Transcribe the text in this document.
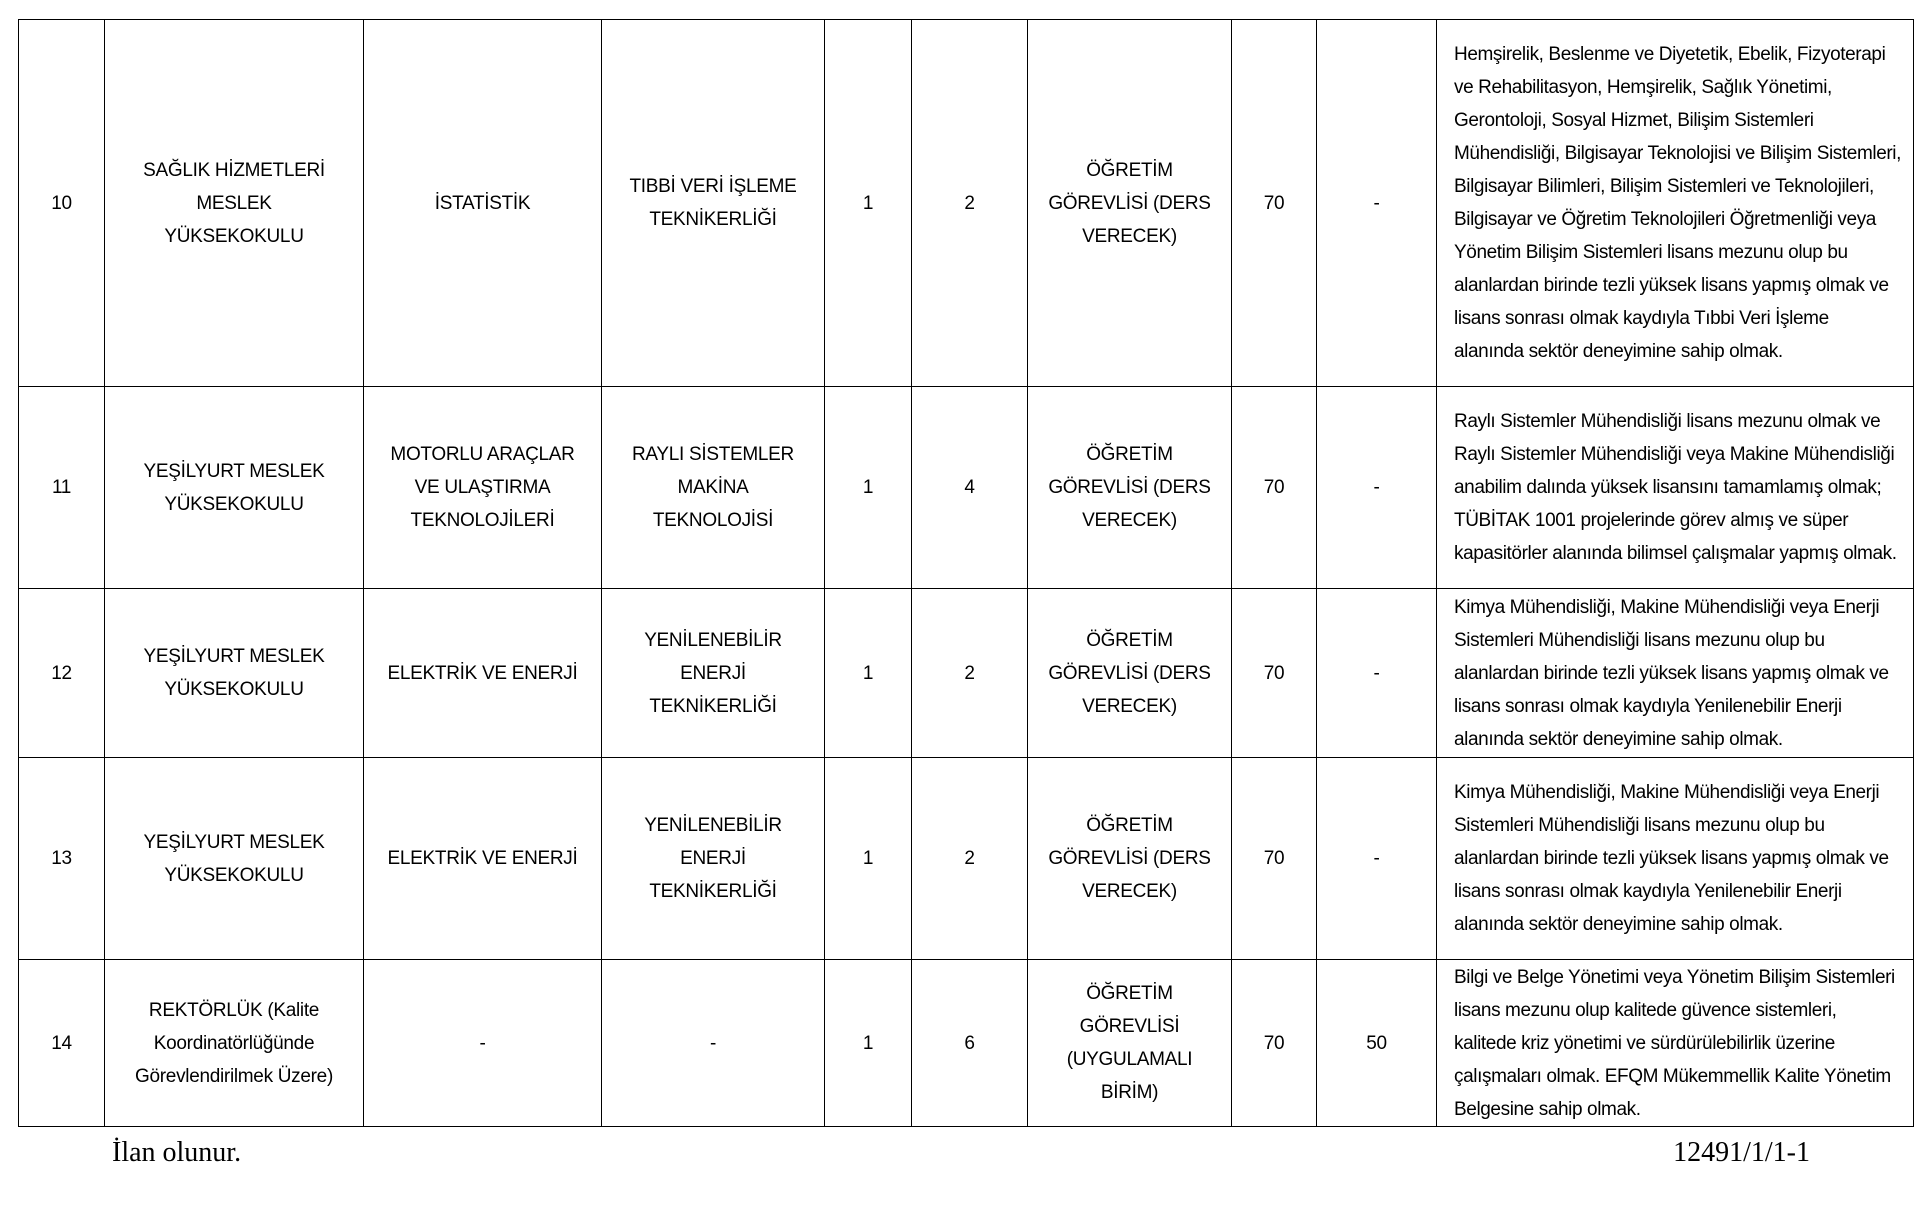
10	SAĞLIK HİZMETLERİ MESLEK YÜKSEKOKULU	İSTATİSTİK	TIBBİ VERİ İŞLEME TEKNİKERLİĞİ	1	2	ÖĞRETİM GÖREVLİSİ (DERS VERECEK)	70	-	Hemşirelik, Beslenme ve Diyetetik, Ebelik, Fizyoterapi ve Rehabilitasyon, Hemşirelik, Sağlık Yönetimi, Gerontoloji, Sosyal Hizmet, Bilişim Sistemleri Mühendisliği, Bilgisayar Teknolojisi ve Bilişim Sistemleri, Bilgisayar Bilimleri, Bilişim Sistemleri ve Teknolojileri, Bilgisayar ve Öğretim Teknolojileri Öğretmenliği veya Yönetim Bilişim Sistemleri lisans mezunu olup bu alanlardan birinde tezli yüksek lisans yapmış olmak ve lisans sonrası olmak kaydıyla Tıbbi Veri İşleme alanında sektör deneyimine sahip olmak.
11	YEŞİLYURT MESLEK YÜKSEKOKULU	MOTORLU ARAÇLAR VE ULAŞTIRMA TEKNOLOJİLERİ	RAYLI SİSTEMLER MAKİNA TEKNOLOJİSİ	1	4	ÖĞRETİM GÖREVLİSİ (DERS VERECEK)	70	-	Raylı Sistemler Mühendisliği lisans mezunu olmak ve Raylı Sistemler Mühendisliği veya Makine Mühendisliği anabilim dalında yüksek lisansını tamamlamış olmak; TÜBİTAK 1001 projelerinde görev almış ve süper kapasitörler alanında bilimsel çalışmalar yapmış olmak.
12	YEŞİLYURT MESLEK YÜKSEKOKULU	ELEKTRİK VE ENERJİ	YENİLENEBİLİR ENERJİ TEKNİKERLİĞİ	1	2	ÖĞRETİM GÖREVLİSİ (DERS VERECEK)	70	-	Kimya Mühendisliği, Makine Mühendisliği veya Enerji Sistemleri Mühendisliği lisans mezunu olup bu alanlardan birinde tezli yüksek lisans yapmış olmak ve lisans sonrası olmak kaydıyla Yenilenebilir Enerji alanında sektör deneyimine sahip olmak.
13	YEŞİLYURT MESLEK YÜKSEKOKULU	ELEKTRİK VE ENERJİ	YENİLENEBİLİR ENERJİ TEKNİKERLİĞİ	1	2	ÖĞRETİM GÖREVLİSİ (DERS VERECEK)	70	-	Kimya Mühendisliği, Makine Mühendisliği veya Enerji Sistemleri Mühendisliği lisans mezunu olup bu alanlardan birinde tezli yüksek lisans yapmış olmak ve lisans sonrası olmak kaydıyla Yenilenebilir Enerji alanında sektör deneyimine sahip olmak.
14	REKTÖRLÜK (Kalite Koordinatörlüğünde Görevlendirilmek Üzere)	-	-	1	6	ÖĞRETİM GÖREVLİSİ (UYGULAMALI BİRİM)	70	50	Bilgi ve Belge Yönetimi veya Yönetim Bilişim Sistemleri lisans mezunu olup kalitede güvence sistemleri, kalitede kriz yönetimi ve sürdürülebilirlik üzerine çalışmaları olmak. EFQM Mükemmellik Kalite Yönetim Belgesine sahip olmak.
İlan olunur.	12491/1/1-1
